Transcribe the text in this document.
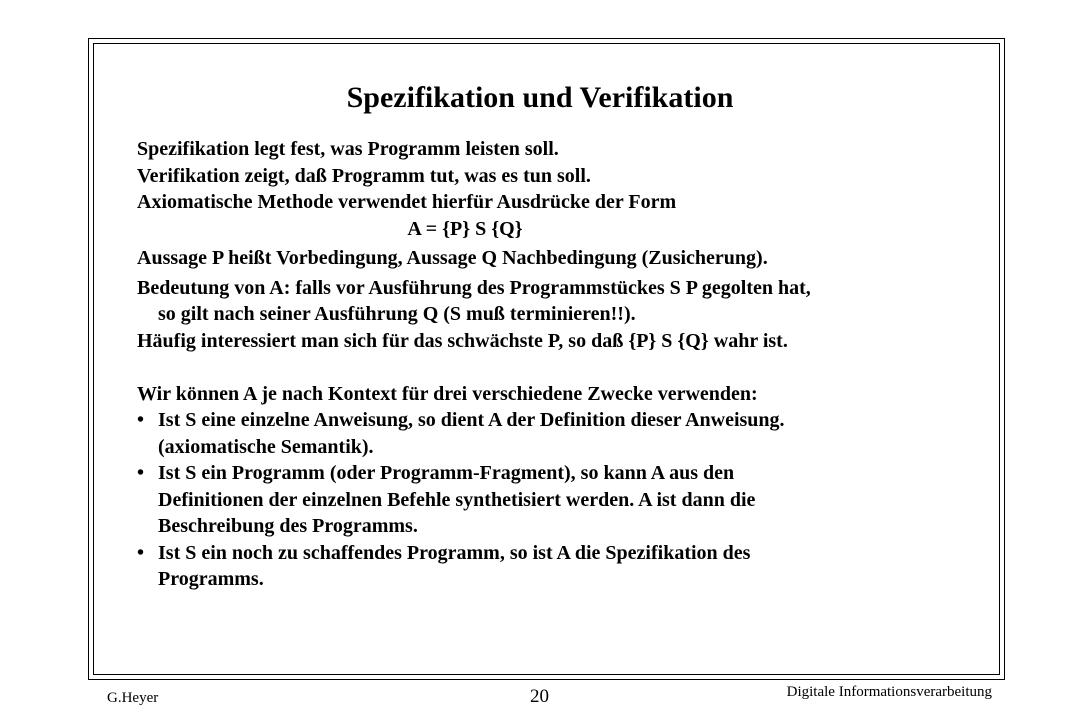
Spezifikation und Verifikation
Spezifikation legt fest, was Programm leisten soll.
Verifikation zeigt, daß Programm tut, was es tun soll.
Axiomatische Methode verwendet hierfür Ausdrücke der Form
A = {P} S {Q}
Aussage P heißt Vorbedingung, Aussage Q Nachbedingung (Zusicherung).
Bedeutung von A: falls vor Ausführung des Programmstückes S P gegolten hat,
so gilt nach seiner Ausführung Q (S muß terminieren!!).
Häufig interessiert man sich für das schwächste P, so daß {P} S {Q} wahr ist.
Wir können A je nach Kontext für drei verschiedene Zwecke verwenden:
• Ist S eine einzelne Anweisung, so dient A der Definition dieser Anweisung.
(axiomatische Semantik).
• Ist S ein Programm (oder Programm-Fragment), so kann A aus den
Definitionen der einzelnen Befehle synthetisiert werden. A ist dann die
Beschreibung des Programms.
• Ist S ein noch zu schaffendes Programm, so ist A die Spezifikation des
Programms.
G.Heyer	20	Digitale Informationsverarbeitung
